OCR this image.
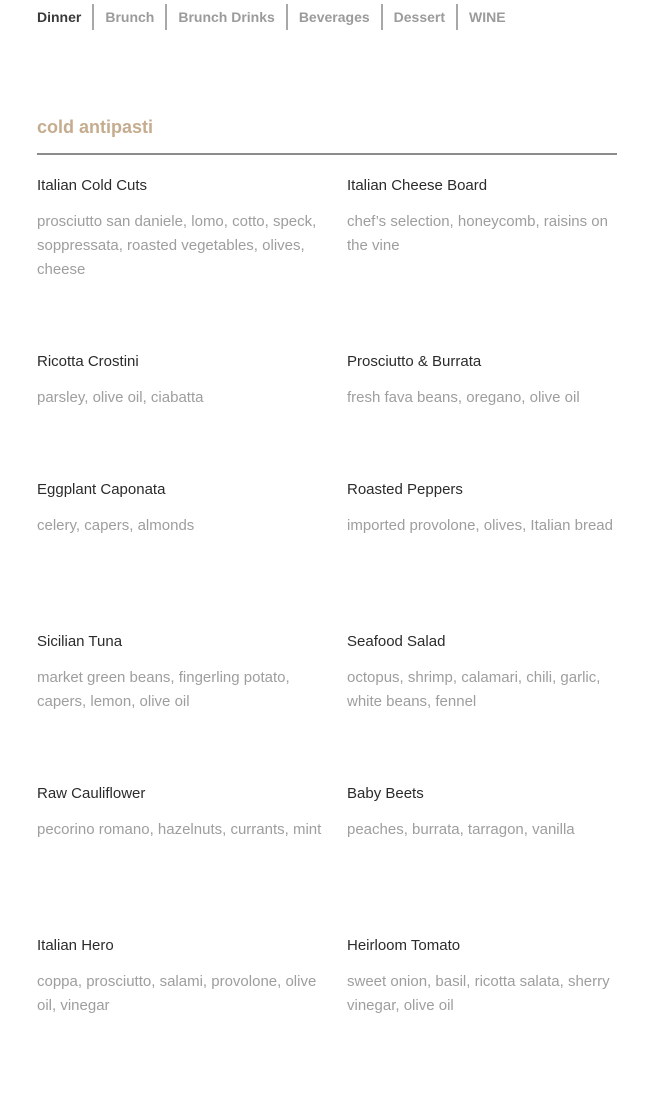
Dinner Brunch Brunch Drinks Beverages Dessert WINE
cold antipasti
Italian Cold Cuts
prosciutto san daniele, lomo, cotto, speck, soppressata, roasted vegetables, olives, cheese
Italian Cheese Board
chef’s selection, honeycomb, raisins on the vine
Ricotta Crostini
parsley, olive oil, ciabatta
Prosciutto & Burrata
fresh fava beans, oregano, olive oil
Eggplant Caponata
celery, capers, almonds
Roasted Peppers
imported provolone, olives, Italian bread
Sicilian Tuna
market green beans, fingerling potato, capers, lemon, olive oil
Seafood Salad
octopus, shrimp, calamari, chili, garlic, white beans, fennel
Raw Cauliflower
pecorino romano, hazelnuts, currants, mint
Baby Beets
peaches, burrata, tarragon, vanilla
Italian Hero
coppa, prosciutto, salami, provolone, olive oil, vinegar
Heirloom Tomato
sweet onion, basil, ricotta salata, sherry vinegar, olive oil
